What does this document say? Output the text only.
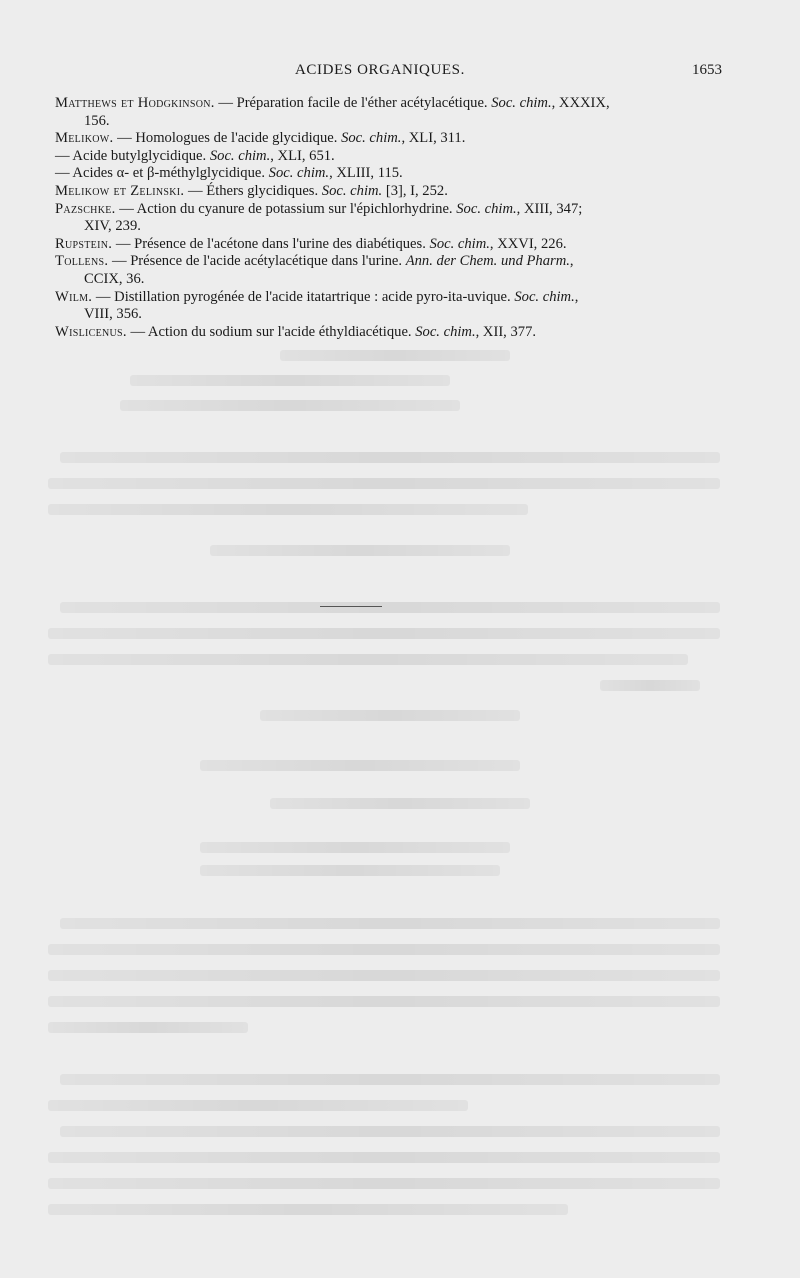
ACIDES ORGANIQUES.	1653

Matthews et Hodgkinson. — Préparation facile de l'éther acétylacétique. Soc. chim., XXXIX,
156.

Melikow. — Homologues de l'acide glycidique. Soc. chim., XLI, 311.

— Acide butylglycidique. Soc. chim., XLI, 651.

— Acides α- et β-méthylglycidique. Soc. chim., XLIII, 115.

Melikow et Zelinski. — Éthers glycidiques. Soc. chim. [3], I, 252.

Pazschke. — Action du cyanure de potassium sur l'épichlorhydrine. Soc. chim., XIII, 347;
XIV, 239.

Rupstein. — Présence de l'acétone dans l'urine des diabétiques. Soc. chim., XXVI, 226.

Tollens. — Présence de l'acide acétylacétique dans l'urine. Ann. der Chem. und Pharm.,
CCIX, 36.

Wilm. — Distillation pyrogénée de l'acide itatartrique : acide pyro-ita-uvique. Soc. chim.,
VIII, 356.

Wislicenus. — Action du sodium sur l'acide éthyldiacétique. Soc. chim., XII, 377.
